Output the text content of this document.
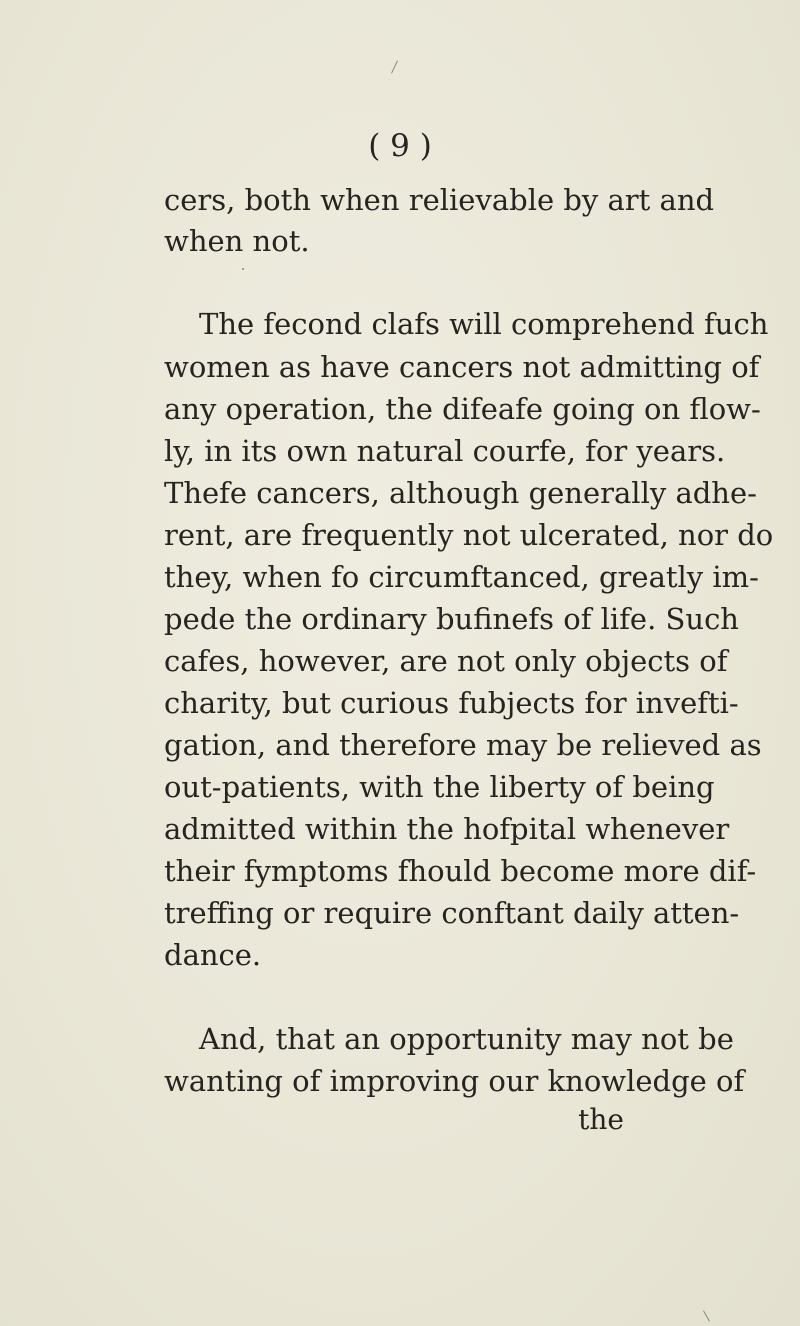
( 9 )
cers, both when relievable by art and
when not.
The fecond clafs will comprehend fuch
women as have cancers not admitting of
any operation, the difeafe going on flow-
ly, in its own natural courfe, for years.
Thefe cancers, although generally adhe-
rent, are frequently not ulcerated, nor do
they, when fo circumftanced, greatly im-
pede the ordinary bufinefs of life. Such
cafes, however, are not only objects of
charity, but curious fubjects for invefti-
gation, and therefore may be relieved as
out-patients, with the liberty of being
admitted within the hofpital whenever
their fymptoms fhould become more dif-
treffing or require conftant daily atten-
dance.
And, that an opportunity may not be
wanting of improving our knowledge of
the
